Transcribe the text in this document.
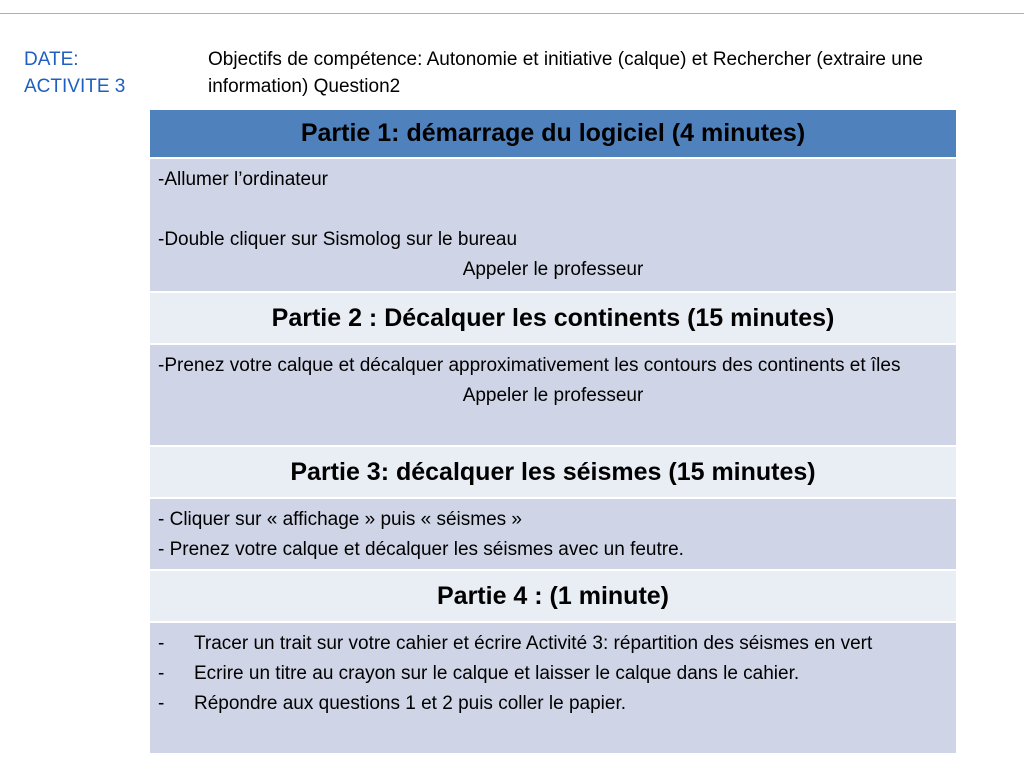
DATE:
ACTIVITE 3
Objectifs de compétence: Autonomie et initiative (calque) et Rechercher (extraire une information) Question2
Partie 1: démarrage du logiciel (4 minutes)

-Allumer l’ordinateur
-Double cliquer sur Sismolog sur le bureau
Appeler le professeur

Partie 2 : Décalquer les continents (15 minutes)

-Prenez votre calque et décalquer approximativement les contours des continents et îles
Appeler le professeur

Partie 3: décalquer les séismes (15 minutes)

- Cliquer sur « affichage » puis « séismes »
- Prenez votre calque et décalquer les séismes avec un feutre.

Partie 4 : (1 minute)

- Tracer un trait sur votre cahier et écrire Activité 3: répartition des séismes en vert
- Ecrire un titre au crayon sur le calque et laisser le calque dans le cahier.
- Répondre aux questions 1 et 2 puis coller le papier.
